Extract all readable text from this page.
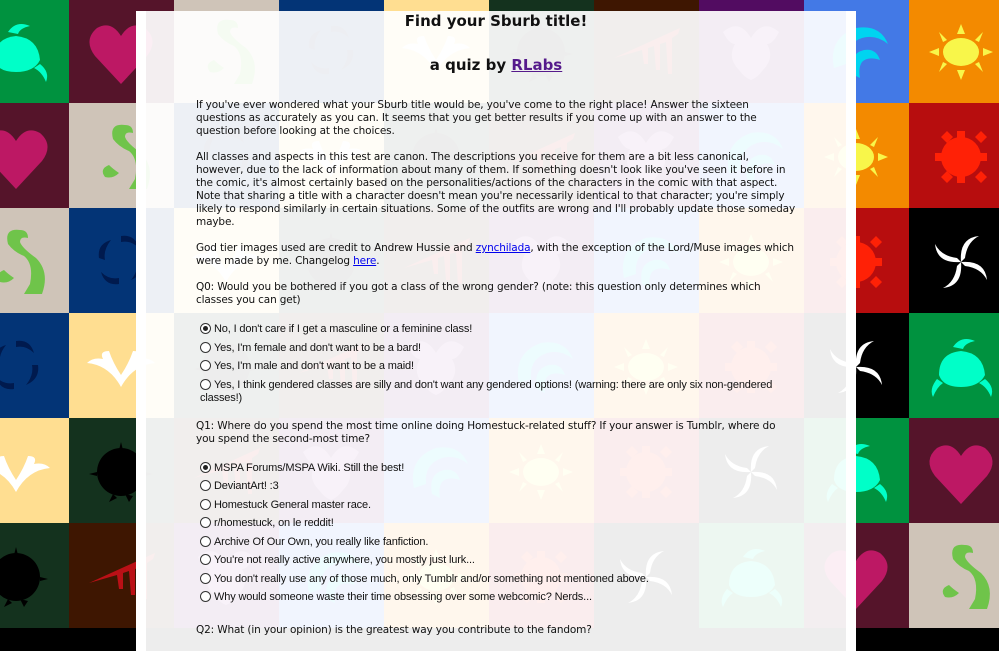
Find your Sburb title!
a quiz by RLabs

If you've ever wondered what your Sburb title would be, you've come to the right place! Answer the sixteen questions as accurately as you can. It seems that you get better results if you come up with an answer to the question before looking at the choices.

All classes and aspects in this test are canon. The descriptions you receive for them are a bit less canonical, however, due to the lack of information about many of them. If something doesn't look like you've seen it before in the comic, it's almost certainly based on the personalities/actions of the characters in the comic with that aspect. Note that sharing a title with a character doesn't mean you're necessarily identical to that character; you're simply likely to respond similarly in certain situations. Some of the outfits are wrong and I'll probably update those someday maybe.

God tier images used are credit to Andrew Hussie and zynchilada, with the exception of the Lord/Muse images which were made by me. Changelog here.

Q0: Would you be bothered if you got a class of the wrong gender? (note: this question only determines which classes you can get)

No, I don't care if I get a masculine or a feminine class!
Yes, I'm female and don't want to be a bard!
Yes, I'm male and don't want to be a maid!
Yes, I think gendered classes are silly and don't want any gendered options! (warning: there are only six non-gendered classes!)

Q1: Where do you spend the most time online doing Homestuck-related stuff? If your answer is Tumblr, where do you spend the second-most time?

MSPA Forums/MSPA Wiki. Still the best!
DeviantArt! :3
Homestuck General master race.
r/homestuck, on le reddit!
Archive Of Our Own, you really like fanfiction.
You're not really active anywhere, you mostly just lurk...
You don't really use any of those much, only Tumblr and/or something not mentioned above.
Why would someone waste their time obsessing over some webcomic? Nerds...

Q2: What (in your opinion) is the greatest way you contribute to the fandom?
